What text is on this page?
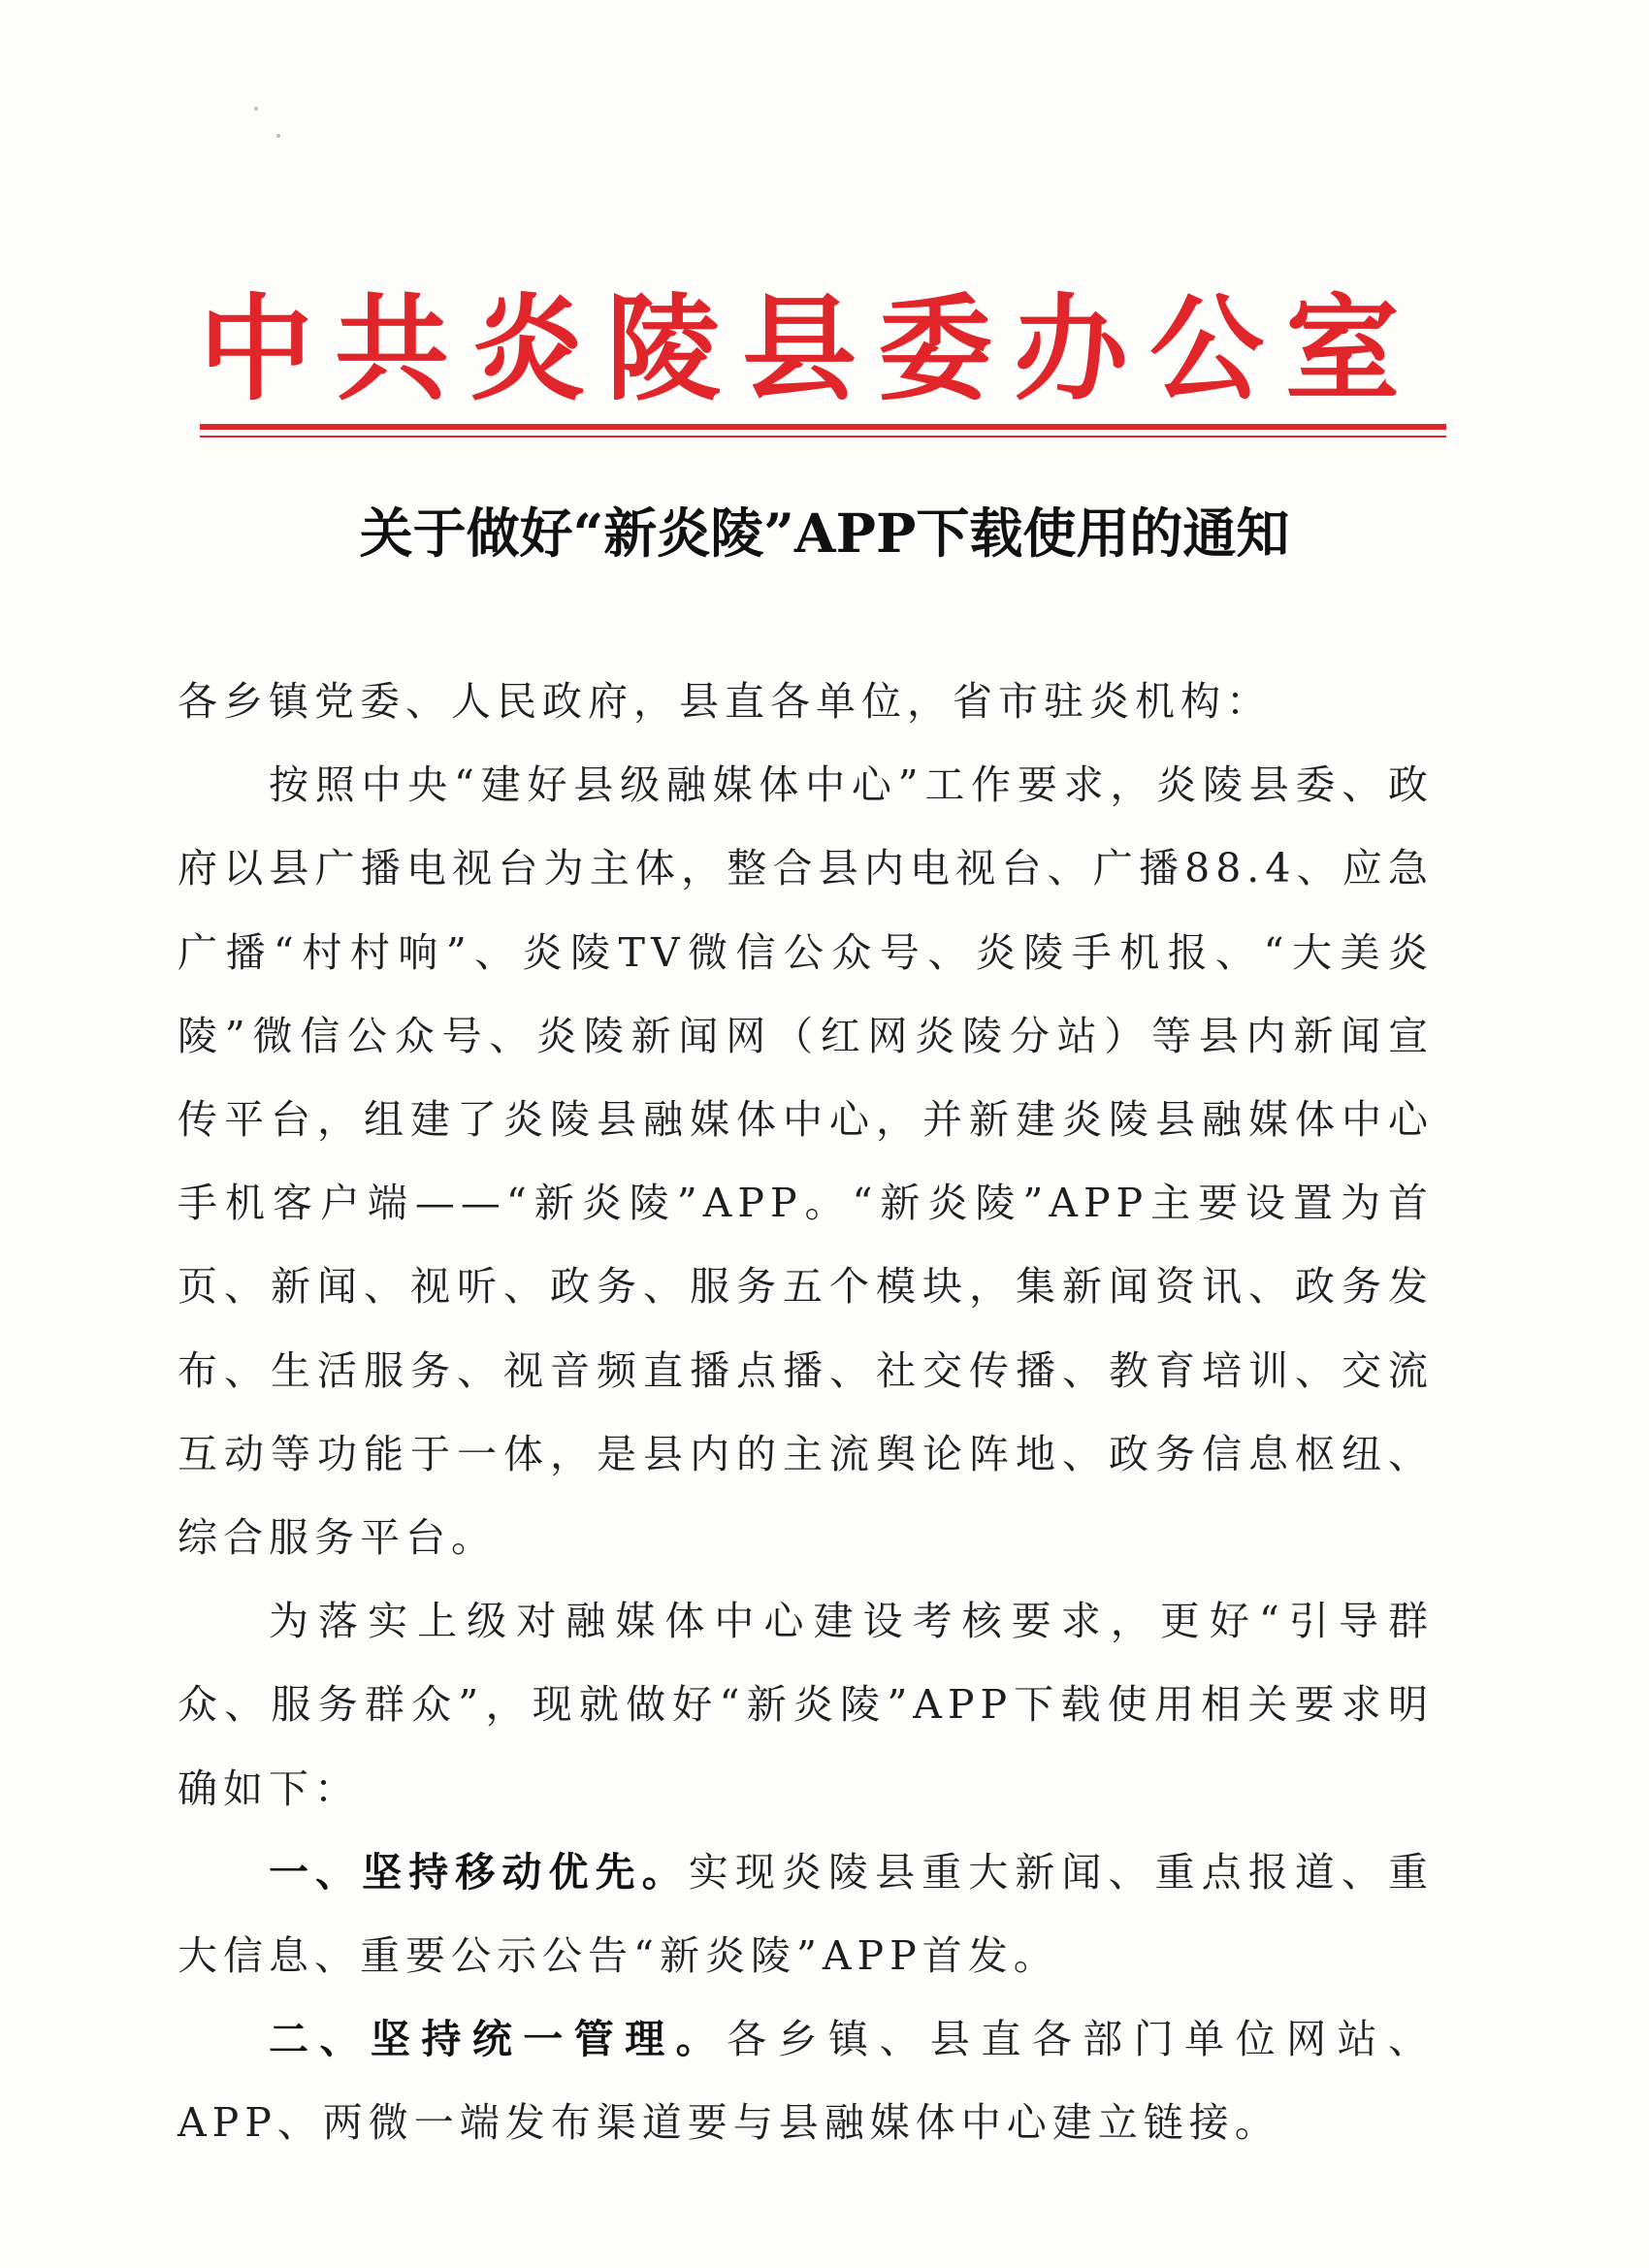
中共炎陵县委办公室
关于做好“新炎陵”APP下载使用的通知

各乡镇党委、人民政府，县直各单位，省市驻炎机构：

按照中央“建好县级融媒体中心”工作要求，炎陵县委、政府以县广播电视台为主体，整合县内电视台、广播88.4、应急广播“村村响”、炎陵TV微信公众号、炎陵手机报、“大美炎陵”微信公众号、炎陵新闻网（红网炎陵分站）等县内新闻宣传平台，组建了炎陵县融媒体中心，并新建炎陵县融媒体中心手机客户端——“新炎陵”APP。“新炎陵”APP主要设置为首页、新闻、视听、政务、服务五个模块，集新闻资讯、政务发布、生活服务、视音频直播点播、社交传播、教育培训、交流互动等功能于一体，是县内的主流舆论阵地、政务信息枢纽、综合服务平台。

为落实上级对融媒体中心建设考核要求，更好“引导群众、服务群众”，现就做好“新炎陵”APP下载使用相关要求明确如下：

一、坚持移动优先。实现炎陵县重大新闻、重点报道、重大信息、重要公示公告“新炎陵”APP首发。

二、坚持统一管理。各乡镇、县直各部门单位网站、APP、两微一端发布渠道要与县融媒体中心建立链接。
